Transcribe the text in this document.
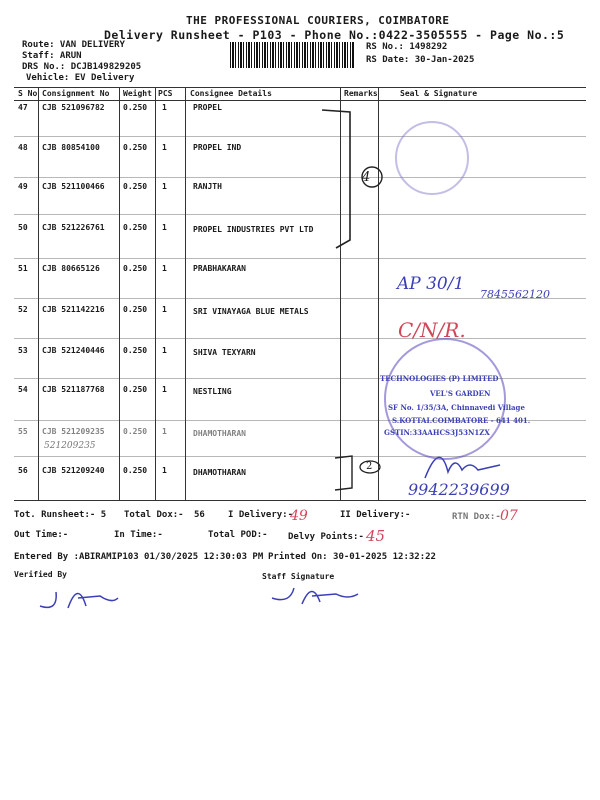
THE PROFESSIONAL COURIERS, COIMBATORE
Delivery Runsheet - P103 - Phone No.:0422-3505555 - Page No.:5
Route: VAN DELIVERY
Staff: ARUN
DRS No.: DCJB149829205
Vehicle: EV Delivery
RS No.: 1498292
RS Date: 30-Jan-2025
S No Consignment No Weight PCS Consignee Details	Remarks	Seal & Signature
47 CJB 521096782 0.250 1	PROPEL
48 CJB 80854100	0.250 1	PROPEL IND
49 CJB 521100466 0.250 1	RANJTH
50 CJB 521226761 0.250 1	PROPEL INDUSTRIES PVT LTD
51 CJB 80665126	0.250 1	PRABHAKARAN
52 CJB 521142216 0.250 1	SRI VINAYAGA BLUE METALS
53 CJB 521240446 0.250 1	SHIVA TEXYARN
54 CJB 521187768 0.250 1	NESTLING
55 CJB 521209235 0.250 1	DHAMOTHARAN
56 CJB 521209240 0.250 1	DHAMOTHARAN
4
2
521209235
AP 30/1
7845562120
C/N/R.
9942239699
TECHNOLOGIES (P) LIMITED
VEL'S GARDEN
SF No. 1/35/3A, Chinnavedi Village
S.KOTTAI.COIMBATORE - 641 401.
GSTIN:33AAHCS3J53N1ZX
Tot. Runsheet:- 5 Total Dox:- 56	I Delivery:-
49	II Delivery:-	RTN Dox:- 07
Out Time:-	In Time:-	Total POD:- Delvy Points:- 45
Entered By :ABIRAMIP103 01/30/2025 12:30:03 PM Printed On: 30-01-2025 12:32:22
Verified By	Staff Signature
